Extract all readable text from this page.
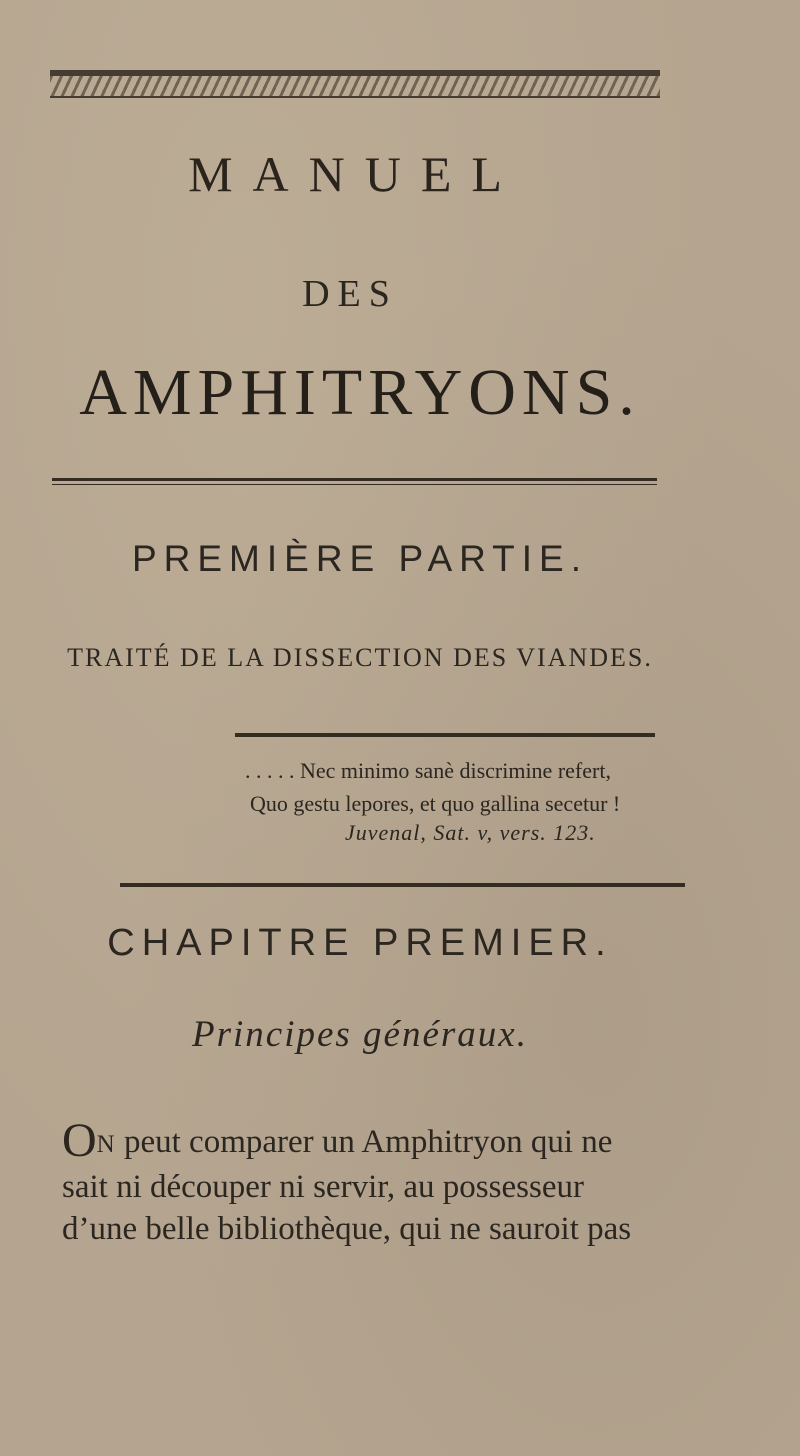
MANUEL
DES
AMPHITRYONS.
PREMIÈRE PARTIE.
TRAITÉ DE LA DISSECTION DES VIANDES.
. . . . . Nec minimo sanè discrimine refert,
Quo gestu lepores, et quo gallina secetur !
Juvenal, Sat. v, vers. 123.
CHAPITRE PREMIER.
Principes généraux.
ON peut comparer un Amphitryon qui ne
sait ni découper ni servir, au possesseur
d’une belle bibliothèque, qui ne sauroit pas
